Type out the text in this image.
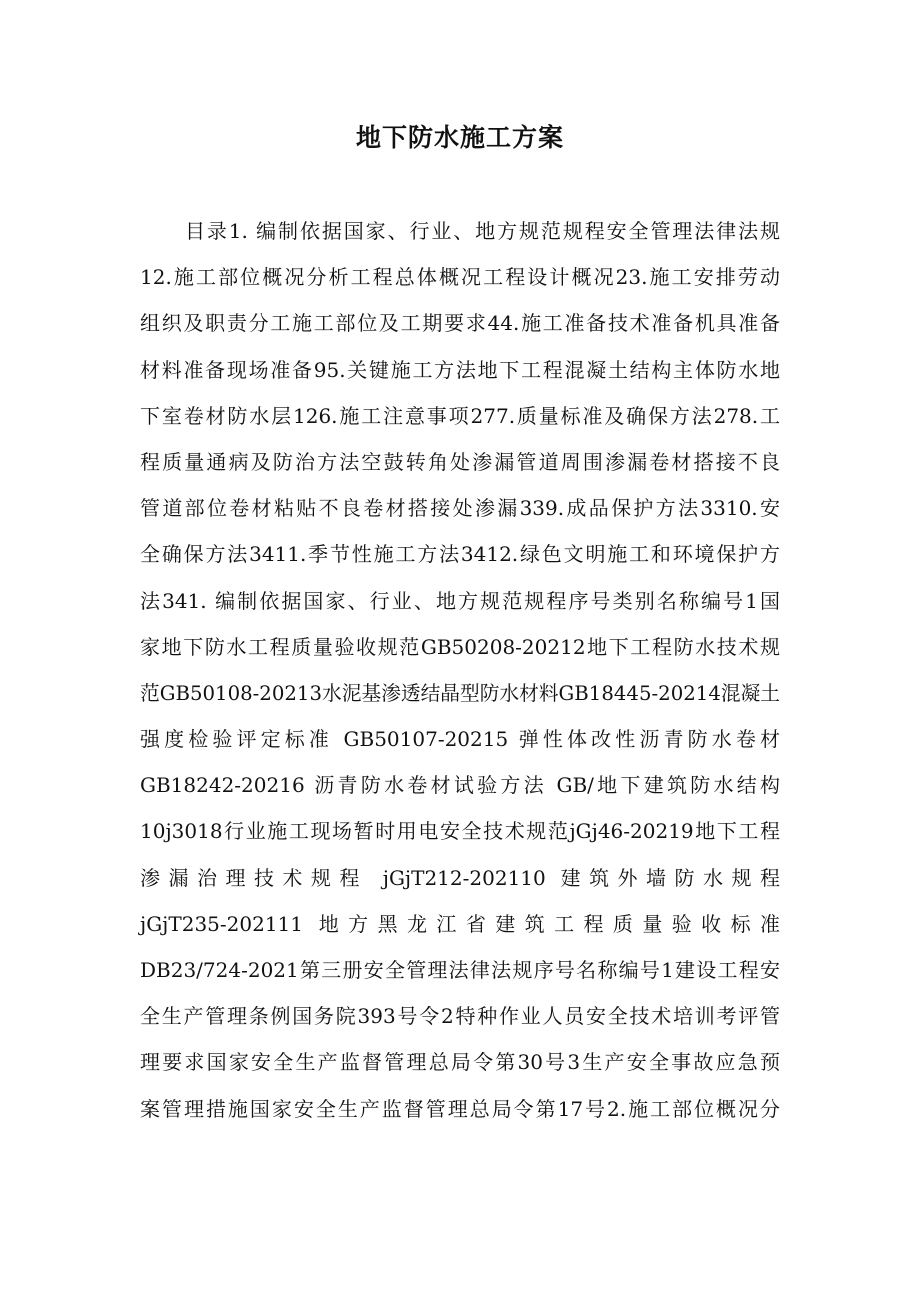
地下防水施工方案
目录1. 编制依据国家、行业、地方规范规程安全管理法律法规
12.施工部位概况分析工程总体概况工程设计概况23.施工安排劳动
组织及职责分工施工部位及工期要求44.施工准备技术准备机具准备
材料准备现场准备95.关键施工方法地下工程混凝土结构主体防水地
下室卷材防水层126.施工注意事项277.质量标准及确保方法278.工
程质量通病及防治方法空鼓转角处渗漏管道周围渗漏卷材搭接不良
管道部位卷材粘贴不良卷材搭接处渗漏339.成品保护方法3310.安
全确保方法3411.季节性施工方法3412.绿色文明施工和环境保护方
法341. 编制依据国家、行业、地方规范规程序号类别名称编号1国
家地下防水工程质量验收规范GB50208-20212地下工程防水技术规
范GB50108-20213水泥基渗透结晶型防水材料GB18445-20214混凝土
强度检验评定标准 GB50107-20215 弹性体改性沥青防水卷材
GB18242-20216 沥青防水卷材试验方法 GB/地下建筑防水结构
10j3018行业施工现场暂时用电安全技术规范jGj46-20219地下工程
渗漏治理技术规程 jGjT212-202110 建筑外墙防水规程
jGjT235-202111 地方黑龙江省建筑工程质量验收标准
DB23/724-2021第三册安全管理法律法规序号名称编号1建设工程安
全生产管理条例国务院393号令2特种作业人员安全技术培训考评管
理要求国家安全生产监督管理总局令第30号3生产安全事故应急预
案管理措施国家安全生产监督管理总局令第17号2.施工部位概况分
